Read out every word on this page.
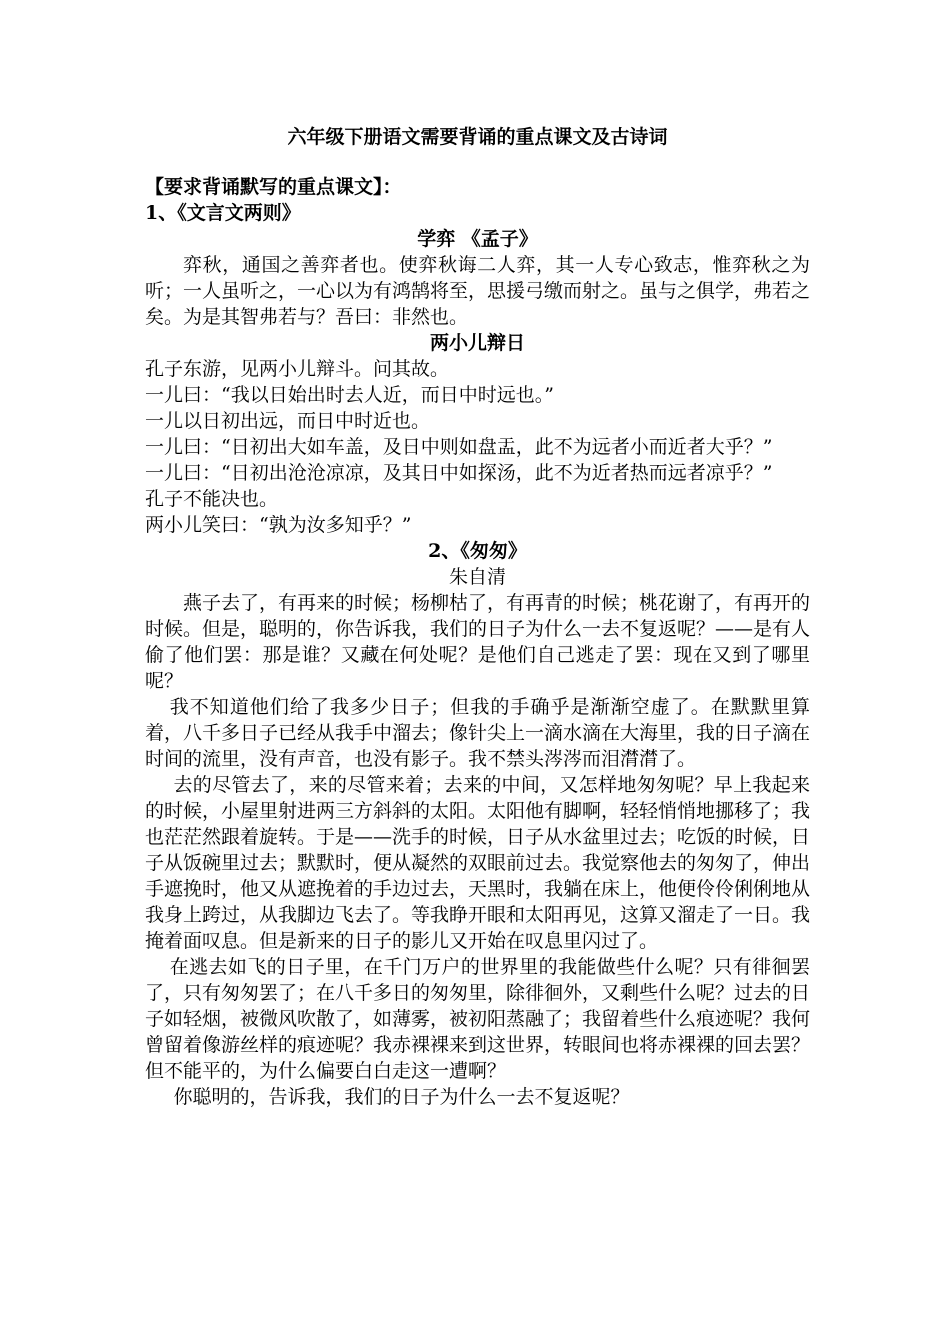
六年级下册语文需要背诵的重点课文及古诗词
【要求背诵默写的重点课文】：
1、《文言文两则》
学弈 《孟子》

弈秋，通国之善弈者也。使弈秋诲二人弈，其一人专心致志，惟弈秋之为听；一人虽听之，一心以为有鸿鹄将至，思援弓缴而射之。虽与之俱学，弗若之矣。为是其智弗若与？吾曰：非然也。

两小儿辩日

孔子东游，见两小儿辩斗。问其故。

一儿曰：“我以日始出时去人近，而日中时远也。”

一儿以日初出远，而日中时近也。

一儿曰：“日初出大如车盖，及日中则如盘盂，此不为远者小而近者大乎？”

一儿曰：“日初出沧沧凉凉，及其日中如探汤，此不为近者热而远者凉乎？”

孔子不能决也。

两小儿笑曰：“孰为汝多知乎？”

2、《匆匆》
朱自清

燕子去了，有再来的时候；杨柳枯了，有再青的时候；桃花谢了，有再开的时候。但是，聪明的，你告诉我，我们的日子为什么一去不复返呢？——是有人偷了他们罢：那是谁？又藏在何处呢？是他们自己逃走了罢：现在又到了哪里呢？

我不知道他们给了我多少日子；但我的手确乎是渐渐空虚了。在默默里算着，八千多日子已经从我手中溜去；像针尖上一滴水滴在大海里，我的日子滴在时间的流里，没有声音，也没有影子。我不禁头涔涔而泪潸潸了。

去的尽管去了，来的尽管来着；去来的中间，又怎样地匆匆呢？早上我起来的时候，小屋里射进两三方斜斜的太阳。太阳他有脚啊，轻轻悄悄地挪移了；我也茫茫然跟着旋转。于是——洗手的时候，日子从水盆里过去；吃饭的时候，日子从饭碗里过去；默默时，便从凝然的双眼前过去。我觉察他去的匆匆了，伸出手遮挽时，他又从遮挽着的手边过去，天黑时，我躺在床上，他便伶伶俐俐地从我身上跨过，从我脚边飞去了。等我睁开眼和太阳再见，这算又溜走了一日。我掩着面叹息。但是新来的日子的影儿又开始在叹息里闪过了。

在逃去如飞的日子里，在千门万户的世界里的我能做些什么呢？只有徘徊罢了，只有匆匆罢了；在八千多日的匆匆里，除徘徊外，又剩些什么呢？过去的日子如轻烟，被微风吹散了，如薄雾，被初阳蒸融了；我留着些什么痕迹呢？我何曾留着像游丝样的痕迹呢？我赤裸裸来到这世界，转眼间也将赤裸裸的回去罢？但不能平的，为什么偏要白白走这一遭啊？

你聪明的，告诉我，我们的日子为什么一去不复返呢？
